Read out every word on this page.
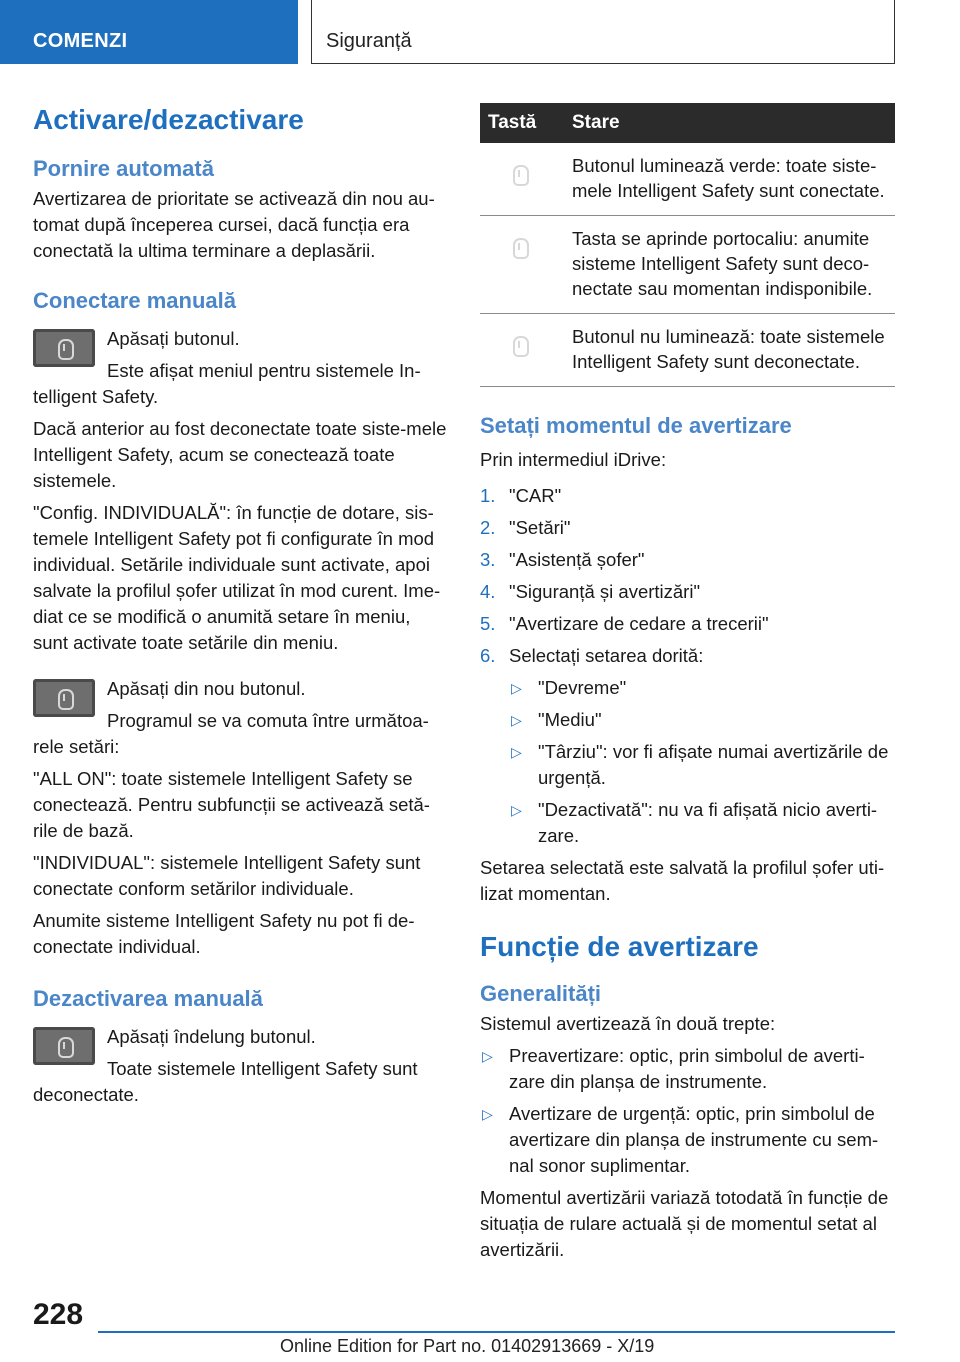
COMENZI	Siguranță
Activare/dezactivare
Pornire automată

Avertizarea de prioritate se activează din nou au-tomat după începerea cursei, dacă funcția era conectată la ultima terminare a deplasării.

Conectare manuală

Apăsați butonul.

Este afișat meniul pentru sistemele In-telligent Safety.

Dacă anterior au fost deconectate toate siste-mele Intelligent Safety, acum se conectează toate sistemele.

"Config. INDIVIDUALĂ": în funcție de dotare, sis-temele Intelligent Safety pot fi configurate în mod individual. Setările individuale sunt activate, apoi salvate la profilul șofer utilizat în mod curent. Ime-diat ce se modifică o anumită setare în meniu, sunt activate toate setările din meniu.

Apăsați din nou butonul.

Programul se va comuta între următoa-rele setări:

"ALL ON": toate sistemele Intelligent Safety se conectează. Pentru subfuncții se activează setă-rile de bază.

"INDIVIDUAL": sistemele Intelligent Safety sunt conectate conform setărilor individuale.

Anumite sisteme Intelligent Safety nu pot fi de-conectate individual.

Dezactivarea manuală

Apăsați îndelung butonul.

Toate sistemele Intelligent Safety sunt deconectate.

Tastă	Stare
	Butonul luminează verde: toate siste-mele Intelligent Safety sunt conectate.
	Tasta se aprinde portocaliu: anumite sisteme Intelligent Safety sunt deco-nectate sau momentan indisponibile.
	Butonul nu luminează: toate sistemele Intelligent Safety sunt deconectate.
Setați momentul de avertizare

Prin intermediul iDrive:

1. "CAR"
2. "Setări"
3. "Asistență șofer"
4. "Siguranță și avertizări"
5. "Avertizare de cedare a trecerii"
6. Selectați setarea dorită:
▷ "Devreme"
▷ "Mediu"
▷ "Târziu": vor fi afișate numai avertizările de urgență.
▷ "Dezactivată": nu va fi afișată nicio averti-zare.

Setarea selectată este salvată la profilul șofer uti-lizat momentan.

Funcție de avertizare
Generalități

Sistemul avertizează în două trepte:

▷ Preavertizare: optic, prin simbolul de averti-zare din planșa de instrumente.
▷ Avertizare de urgență: optic, prin simbolul de avertizare din planșa de instrumente cu sem-nal sonor suplimentar.

Momentul avertizării variază totodată în funcție de situația de rulare actuală și de momentul setat al avertizării.

228
Online Edition for Part no. 01402913669 - X/19
